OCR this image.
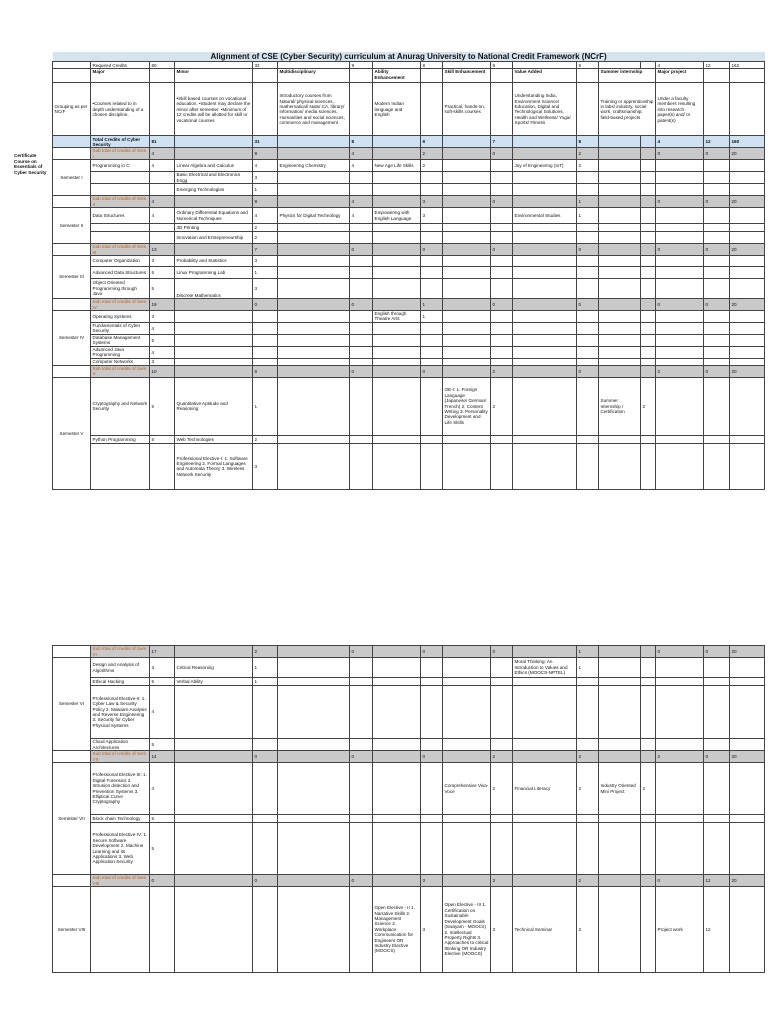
Certificate Course on Essentials of Cyber Security
Alignment of CSE (Cyber Security) curriculum at Anurag University to National Credit Framework (NCrF)																	
	Required Credits	80		32		9		8		9		8			4	12	162
	Major		Minor		Multidisciplinary		Ability Enhancement		Skill Enhancement		Value Added		Summer internship		Major project		
Grouping as per NCrF	•Courses related to in depth understanding of a chosen discipline.		•Skill based courses on vocational education. •Student may declare the minor after semester. •Minimum of 12 credits will be allotted for skill or vocational courses		Introductory courses from Natural/ physical sciences, mathematical/ stats/ CA, library/ information/ media sciences, Humanities and social sciences, commerce and management		Modern Indian language and English		Practical, hands-on, soft-skills courses		Understanding India, Environment Science/ Education, Digital and Technological Solutions, Health and Wellness/ Yoga/ Sports/ Fitness		Training or apprenticeship in labs/ industry, social work, craftsmanship, field-based projects		Under a faculty members resulting into research paper(s) and/ or patent(s)		
	Total Credits of Cyber Security	81		31		8		9		7		8			4	12	160
	Sub total of credits of Sem I	4		8		4		2		0		2			0	0	20
Semester I	Programming in C	4	Linear Algebra and Calculus	4	Engineering Chemistry	4	New Age Life Skills	2			Joy of Engineering (IoT)	2					
			Basic Electrical and Electronics Engg.	3													
			Emerging Technologies	1													
	Sub total of credits of Sem II	4		8		4		3		0		1			0	0	20
Semester II	Data Structures	4	Ordinary Differential Equations and Numerical Techniques	4	Physics for Digital Technology	4	Empowering with English Language	3			Environmental Studies	1					
			3D Printing	2													
			Innovation and Entrepreneurship	2													
	Sub total of credits of Sem III	13		7		0		0		0		0			0	0	20
Semester III	Computer Organization	3	Probability and Statistics	3													
	Advanced Data Structures	5	Linux Programming Lab	1													
	Object Oriented Programming through Java	5	Discrete Mathematics	3													
	Sub total of credits of Sem IV	19		0		0		1		0		0			0	0	20
Semester IV	Operating Systems	3					English through Theatre Arts	1									
	Fundamentals of Cyber Security	4															
	Database Management Systems	5															
	Advanced Java Programming	4															
	Computer Networks	3															
	Sub total of credits of Sem V	10		6		0		0		2		0			2	0	20
Semester V	Cryptography and Network Security	5	Quantitative Aptitude and Reasoning	1					OE-I: 1. Foreign Language (Japanese/ German/ French) 2. Content Writing 3. Personality Development and Life Skills	2			Summer Internship / Certification	2			
	Python Programming	5	Web Technologies	2													
			Professional Elective-I: 1. Software Engineering 2. Formal Languages and Automata Theory 3. Wireless Network Security	3													
	Sub total of credits of Sem VI	17		2		0		0		0		1			0	0	20
Semester VI	Design and Analysis of Algorithms	3	Critical Reasoning	1							Moral Thinking: An Introduction to Values and Ethics (MOOCS-NPTEL)	1					
	Ethical Hacking	5	Verbal Ability	1													
	Professional Elective-II: 1. Cyber Law & Security Policy 2. Malware Analysis and Reverse Engineering 3. Security for Cyber Physical Systems	4															
	Cloud Application Architectures	5															
	Sub total of credits of Sem VII	14		0		0		0		2		2			2	0	20
Semester VII	Professional Elective-III: 1. Digital Forensics 2. Intrusion detection and Prevention Systems 3. Elliptical Curve Cryptography	4							Comprehensive Viva-Voce	2	Financial Literacy	2	Industry Oriented Mini Project	2			
	Block chain Technology	5															
	Professional Elective-IV: 1. Secure Software Development 2. Machine Learning and its Applications 3. Web Application Security	5															
	Sub total of credits of Sem VIII	0		0		0		3		3		2			0	12	20
Semester VIII							Open Elective - II 1. Narrative Skills 2. Management Science 3. Workplace Communication for Engineers OR Industry Elective (MOOCS)	3	Open Elective - III 1. Certification on Sustainable Development Goals (Swayam - MOOCs) 2. Intellectual Property Rights 3. Approaches to critical thinking OR Industry Elective (MOOCS)	3	Technical Seminar	2			Project work	12	
